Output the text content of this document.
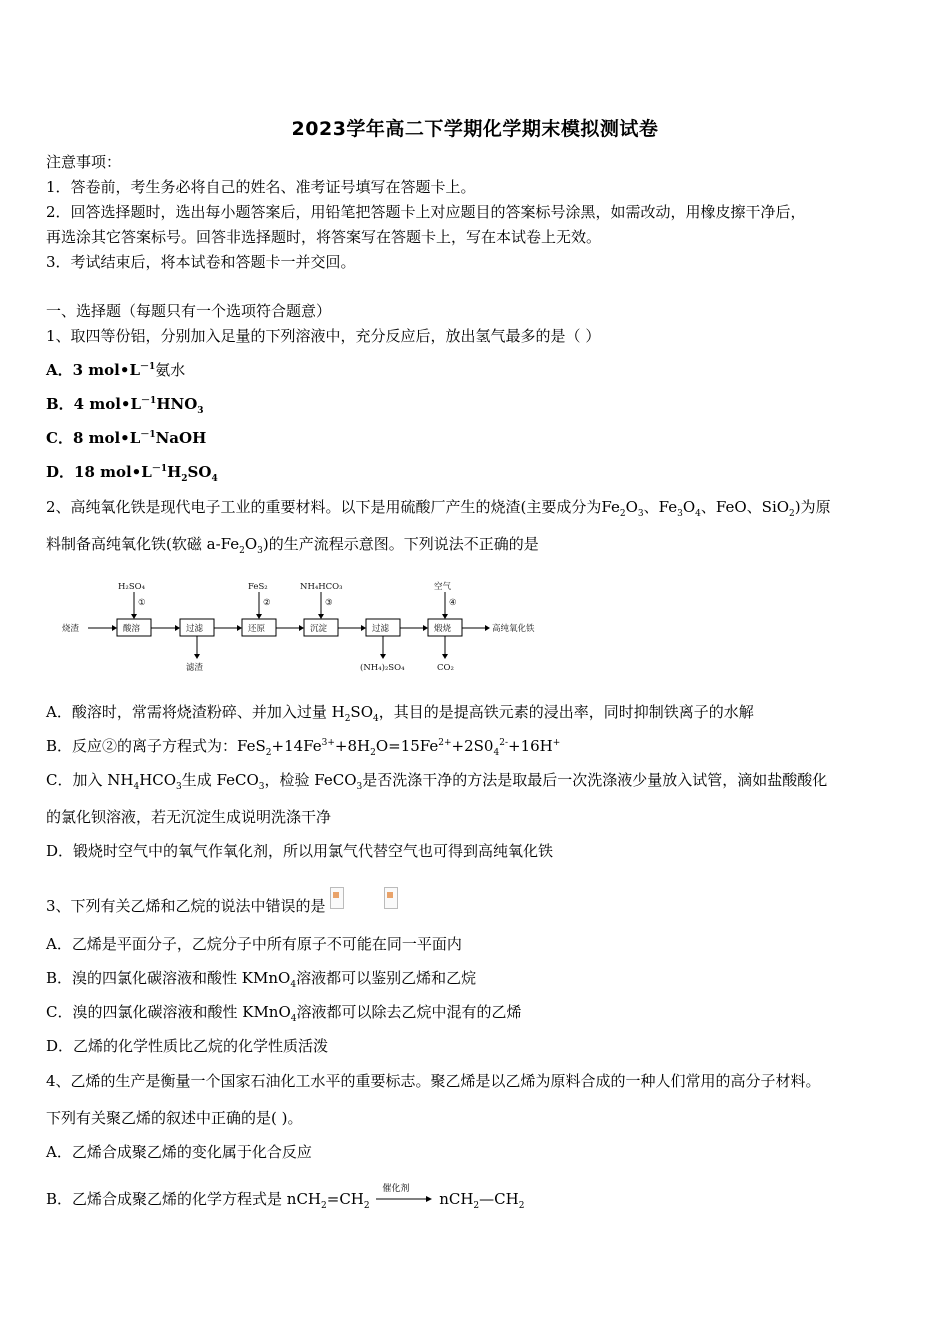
2023学年高二下学期化学期末模拟测试卷
注意事项：
1．答卷前，考生务必将自己的姓名、准考证号填写在答题卡上。
2．回答选择题时，选出每小题答案后，用铅笔把答题卡上对应题目的答案标号涂黑，如需改动，用橡皮擦干净后，
再选涂其它答案标号。回答非选择题时，将答案写在答题卡上，写在本试卷上无效。
3．考试结束后，将本试卷和答题卡一并交回。
一、选择题（每题只有一个选项符合题意）
1、取四等份铝，分别加入足量的下列溶液中，充分反应后，放出氢气最多的是（ ）
A．3 $mol•L^{-1}$氨水
B．4 $mol•L^{-1}HNO_3$
C．8 $mol•L^{-1}NaOH$
D．18 $mol•L^{-1}H_2SO_4$
2、高纯氧化铁是现代电子工业的重要材料。以下是用硫酸厂产生的烧渣(主要成分为$Fe_2O_3$、$Fe_3O_4$、FeO、SiO$_2$)为原
料制备高纯氧化铁(软磁 $a-Fe_2O_3$)的生产流程示意图。下列说法不正确的是
烧渣	酸溶	过滤	还原	沉淀	过滤	煅烧	高纯氧化铁
H₂SO₄
①
FeS₂
②
NH₄HCO₃
③
空气
④
滤渣	(NH₄)₂SO₄	CO₂
A．酸溶时，常需将烧渣粉碎、并加入过量 $H_2SO_4$，其目的是提高铁元素的浸出率，同时抑制铁离子的水解
B．反应②的离子方程式为：$FeS_2+14Fe^{3+}+8H_2O=15Fe^{2+}+2S0_4^{2-}+16H^+$
C．加入 $NH_4HCO_3$生成 FeCO$_3$，检验 FeCO$_3$是否洗涤干净的方法是取最后一次洗涤液少量放入试管，滴如盐酸酸化
的氯化钡溶液，若无沉淀生成说明洗涤干净
D．锻烧时空气中的氧气作氧化剂，所以用氯气代替空气也可得到高纯氧化铁
3、下列有关乙烯和乙烷的说法中错误的是
A．乙烯是平面分子，乙烷分子中所有原子不可能在同一平面内
B．溴的四氯化碳溶液和酸性 KMnO$_4$溶液都可以鉴别乙烯和乙烷
C．溴的四氯化碳溶液和酸性 KMnO$_4$溶液都可以除去乙烷中混有的乙烯
D．乙烯的化学性质比乙烷的化学性质活泼
4、乙烯的生产是衡量一个国家石油化工水平的重要标志。聚乙烯是以乙烯为原料合成的一种人们常用的高分子材料。
下列有关聚乙烯的叙述中正确的是( )。
A．乙烯合成聚乙烯的变化属于化合反应
B．乙烯合成聚乙烯的化学方程式是 $nCH_2=CH_2$
催化剂
$nCH_2—CH_2$
